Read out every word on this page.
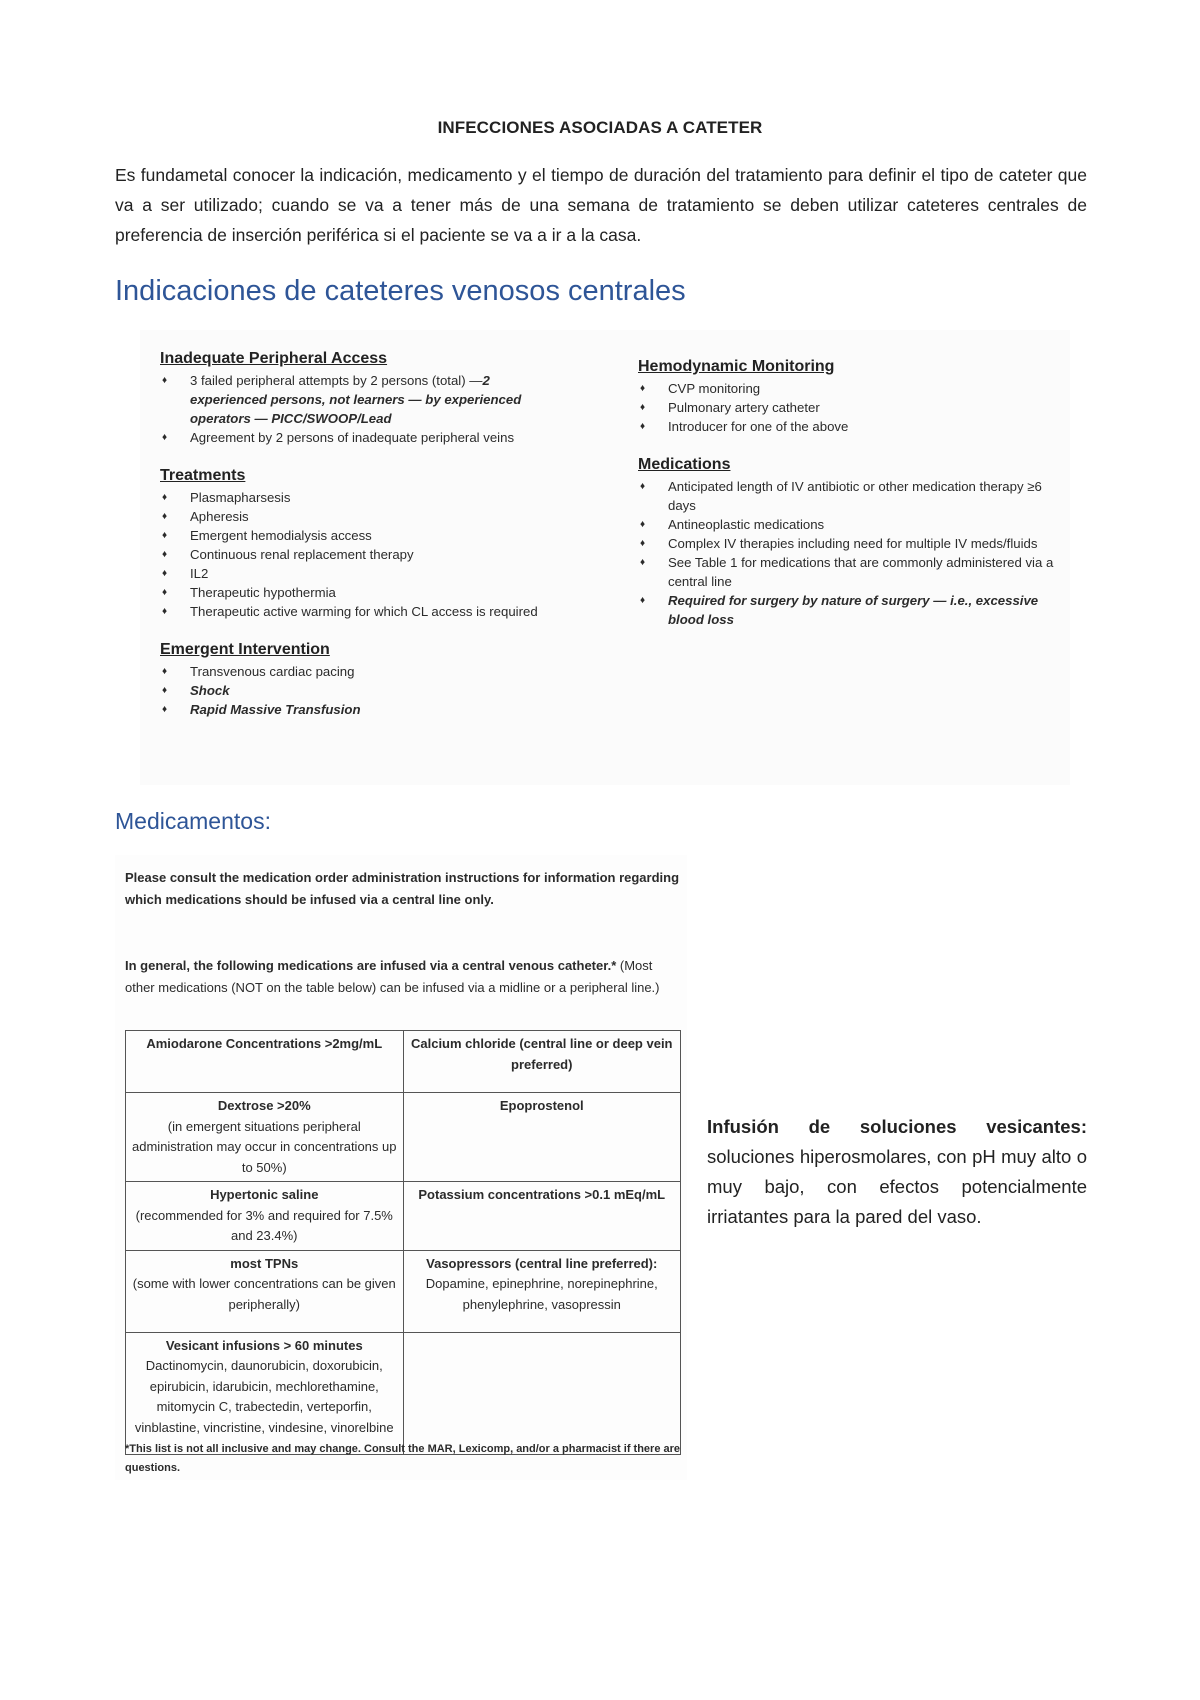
INFECCIONES ASOCIADAS A CATETER

Es fundametal conocer la indicación, medicamento y el tiempo de duración del tratamiento para definir el tipo de cateter que va a ser utilizado; cuando se va a tener más de una semana de tratamiento se deben utilizar cateteres centrales de preferencia de inserción periférica si el paciente se va a ir a la casa.

Indicaciones de cateteres venosos centrales
Inadequate Peripheral Access
♦ 3 failed peripheral attempts by 2 persons (total) —2 experienced persons, not learners — by experienced operators — PICC/SWOOP/Lead
♦ Agreement by 2 persons of inadequate peripheral veins
Treatments
♦ Plasmapharsesis
♦ Apheresis
♦ Emergent hemodialysis access
♦ Continuous renal replacement therapy
♦ IL2
♦ Therapeutic hypothermia
♦ Therapeutic active warming for which CL access is required
Emergent Intervention
♦ Transvenous cardiac pacing
♦ Shock
♦ Rapid Massive Transfusion
Hemodynamic Monitoring
♦ CVP monitoring
♦ Pulmonary artery catheter
♦ Introducer for one of the above
Medications
♦ Anticipated length of IV antibiotic or other medication therapy ≥6 days
♦ Antineoplastic medications
♦ Complex IV therapies including need for multiple IV meds/fluids
♦ See Table 1 for medications that are commonly administered via a central line
♦ Required for surgery by nature of surgery — i.e., excessive blood loss
Medicamentos:
Please consult the medication order administration instructions for information regarding which medications should be infused via a central line only.
In general, the following medications are infused via a central venous catheter.* (Most other medications (NOT on the table below) can be infused via a midline or a peripheral line.)
Amiodarone Concentrations >2mg/mL	Calcium chloride (central line or deep vein preferred)

Dextrose >20%
(in emergent situations peripheral administration may occur in concentrations up to 50%)	Epoprostenol

Hypertonic saline
(recommended for 3% and required for 7.5% and 23.4%)	Potassium concentrations >0.1 mEq/mL

most TPNs
(some with lower concentrations can be given peripherally)	Vasopressors (central line preferred):
Dopamine, epinephrine, norepinephrine, phenylephrine, vasopressin

Vesicant infusions > 60 minutes
Dactinomycin, daunorubicin, doxorubicin, epirubicin, idarubicin, mechlorethamine, mitomycin C, trabectedin, verteporfin, vinblastine, vincristine, vindesine, vinorelbine	
*This list is not all inclusive and may change. Consult the MAR, Lexicomp, and/or a pharmacist if there are questions.

Infusión de soluciones vesicantes: soluciones hiperosmolares, con pH muy alto o muy bajo, con efectos potencialmente irriatantes para la pared del vaso.
